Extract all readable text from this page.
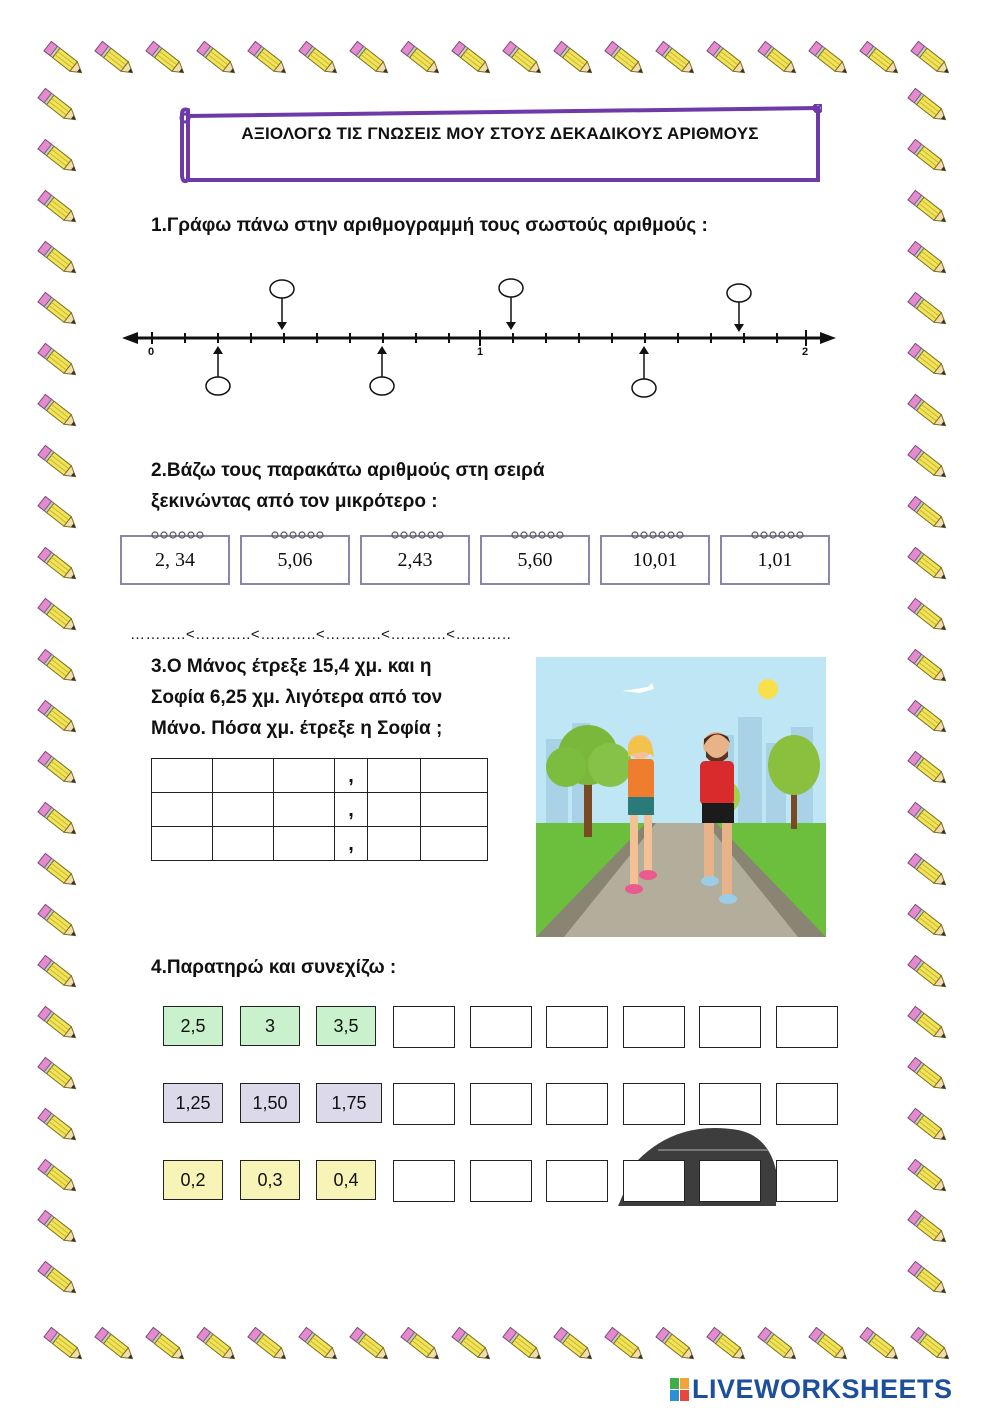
ΑΞΙΟΛΟΓΩ ΤΙΣ ΓΝΩΣΕΙΣ ΜΟΥ ΣΤΟΥΣ ΔΕΚΑΔΙΚΟΥΣ ΑΡΙΘΜΟΥΣ
1.Γράφω πάνω στην αριθμογραμμή τους σωστούς αριθμούς :
0	1	2
2.Βάζω τους παρακάτω αριθμούς στη σειρά
ξεκινώντας από τον μικρότερο :
2, 34	5,06	2,43	5,60	10,01	1,01
………..<………..<………..<………..<………..<………..
3.Ο Μάνος έτρεξε 15,4 χμ. και η
Σοφία 6,25 χμ. λιγότερα από τον
Μάνο. Πόσα χμ. έτρεξε η Σοφία ;
			,		
			,		
			,		
4.Παρατηρώ και συνεχίζω :
2,5	3	3,5
1,25	1,50	1,75
0,2	0,3	0,4
LIVEWORKSHEETS
